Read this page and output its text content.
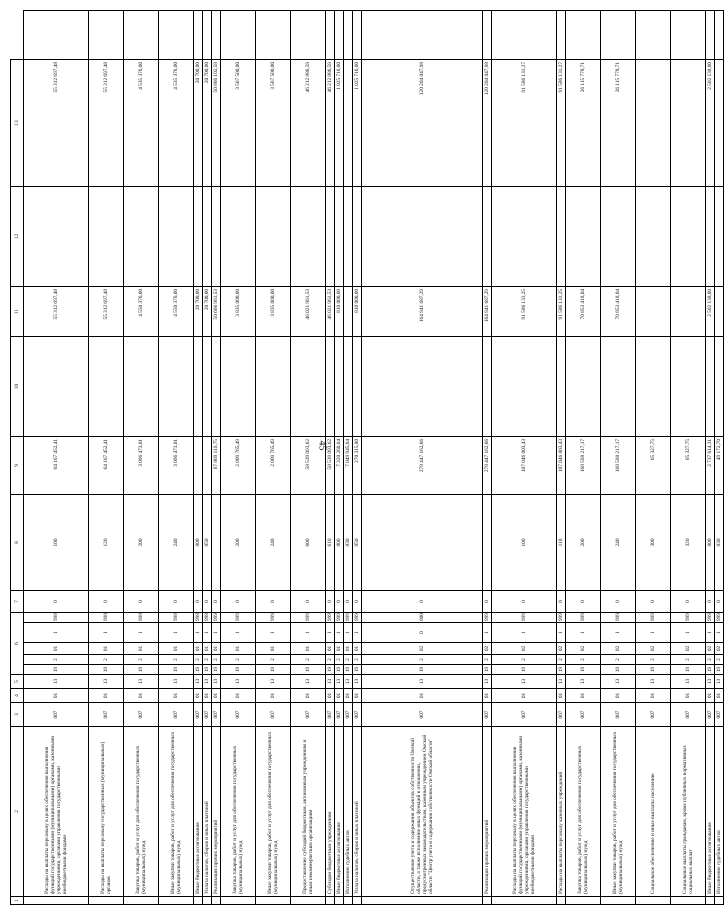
45
1	2	3	4	5	6					7	8	9	10	11	12	13	
	Расходы на выплаты персоналу в целях обеспечения выполнения функций государственными (муниципальными) органами, казенными учреждениями, органами управления государственными внебюджетными фондами	007	01	13	19	2	01	1	998	0	100	64 167 452,41		55 312 697,48		55 312 697,48	
	Расходы на выплаты персоналу государственных (муниципальных) органов	007	01	13	19	2	01	1	998	0	120	64 167 452,41		55 312 697,48		55 312 697,48	
	Закупка товаров, работ и услуг для обеспечения государственных (муниципальных) нужд	007	01	13	19	2	01	1	998	0	200	3 096 473,01		4 550 376,00		4 535 376,00	
	Иные закупки товаров, работ и услуг для обеспечения государственных (муниципальных) нужд	007	01	13	19	2	01	1	998	0	240	3 096 473,01		4 550 376,00		4 535 376,00	
	Иные бюджетные ассигнования	007	01	13	19	2	01	1	998	0	800			20 700,00		20 700,00	
	Уплата налогов, сборов и иных платежей	007	01	13	19	2	01	1	998	0	850			20 700,00		20 700,00	
	Реализация прочих мероприятий	007	01	13	19	2	01	1	999	0		67 869 119,75		50 666 961,53		50 866 102,59	
	Закупка товаров, работ и услуг для обеспечения государственных (муниципальных) нужд	007	01	13	19	2	01	1	999	0	200	2 009 765,49		3 835 000,00		3 567 500,00	
	Иные закупки товаров, работ и услуг для обеспечения государственных (муниципальных) нужд	007	01	13	19	2	01	1	999	0	240	2 009 765,49		3 835 000,00		3 567 500,00	
	Предоставление субсидий бюджетным, автономным учреждениям и иным некоммерческим организациям	007	01	13	19	2	01	1	999	0	600	58 539 093,62		46 021 961,53		46 212 886,59	
	Субсидии бюджетным учреждениям	007	01	13	19	2	01	1	999	0	610	58 539 093,62		46 021 961,53		46 212 886,59	
	Иные бюджетные ассигнования	007	01	13	19	2	01	1	999	0	800	7 320 260,64		810 000,00		1 025 716,00	
	Исполнение судебных актов	007	01	13	19	2	01	1	999	0	830	7 049 945,64					
	Уплата налогов, сборов и иных платежей	007	01	13	19	2	01	1	999	0	850	270 315,00		810 000,00		1 025 716,00	
	Осуществление учета и содержания объектов собственности Омской области, а также исполнение иных функций в отношении, предусмотренных законодательством, казенным учреждением Омской области "Центр учета и содержания собственности Омской области"	007	01	13	19	2	02	0	000	0		278 447 162,66		164 941 687,29		120 204 047,98	
	Реализация прочих мероприятий	007	01	13	19	2	02	1	999	0		278 447 162,66		164 941 687,29		120 204 047,98	
	Расходы на выплаты персоналу в целях обеспечения выполнения функций государственными (муниципальными) органами, казенными учреждениями, органами управления государственными внебюджетными фондами	007	01	13	19	2	02	1	999	0	100	107 046 003,43		91 586 131,25		91 586 131,27	
	Расходы на выплаты персоналу казенных учреждений	007	01	13	19	2	02	1	999	0	110	107 046 003,43		91 586 131,25		91 586 131,27	
	Закупка товаров, работ и услуг для обеспечения государственных (муниципальных) нужд	007	01	13	19	2	02	1	999	0	200	168 598 217,17		70 853 418,04		26 115 778,71	
	Иные закупки товаров, работ и услуг для обеспечения государственных (муниципальных) нужд	007	01	13	19	2	02	1	999	0	240	168 598 217,17		70 853 418,04		26 115 778,71	
	Социальное обеспечение и иные выплаты населению	007	01	13	19	2	02	1	999	0	300	65 327,75					
	Социальные выплаты гражданам, кроме публичных нормативных социальных выплат	007	01	13	19	2	02	1	999	0	320	65 327,75					
	Иные бюджетные ассигнования	007	01	13	19	2	02	1	999	0	800	2 737 614,31		2 502 138,00		2 502 138,00	
	Исполнение судебных актов	007	01	13	19	2	02	1	999	0	830	49 172,70					
